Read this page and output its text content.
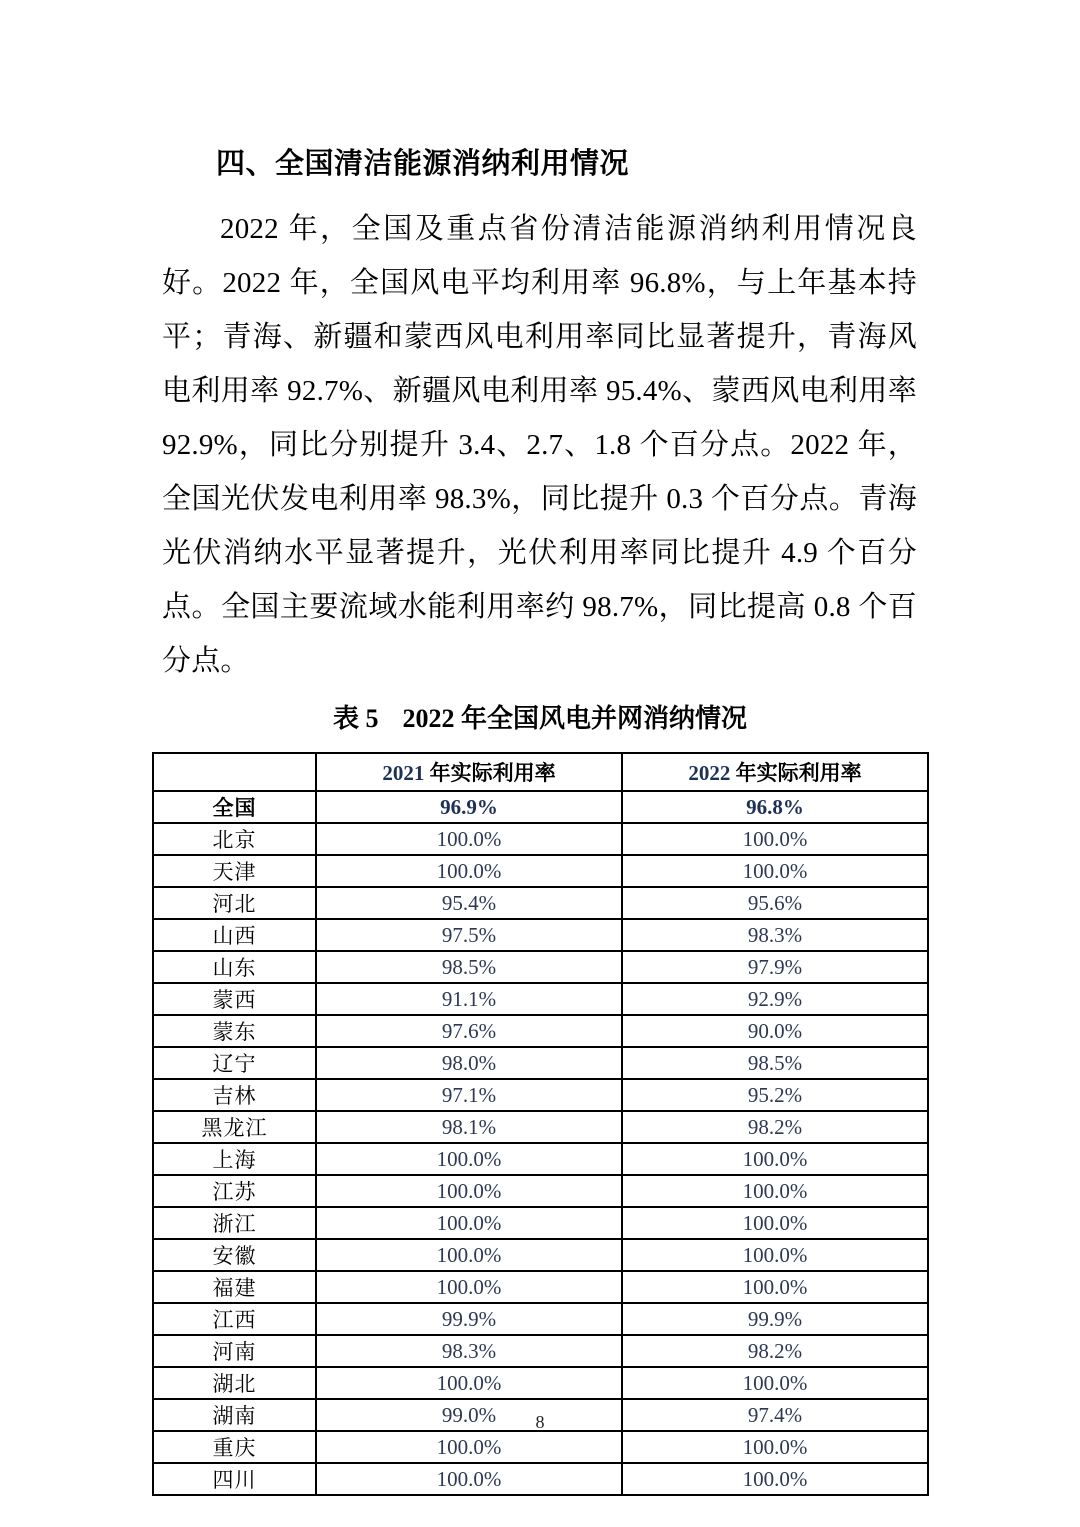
四、全国清洁能源消纳利用情况

2022 年，全国及重点省份清洁能源消纳利用情况良好。2022 年，全国风电平均利用率 96.8%，与上年基本持平；青海、新疆和蒙西风电利用率同比显著提升，青海风电利用率 92.7%、新疆风电利用率 95.4%、蒙西风电利用率 92.9%，同比分别提升 3.4、2.7、1.8 个百分点。2022 年，全国光伏发电利用率 98.3%，同比提升 0.3 个百分点。青海光伏消纳水平显著提升，光伏利用率同比提升 4.9 个百分点。全国主要流域水能利用率约 98.7%，同比提高 0.8 个百分点。

表 5 2022 年全国风电并网消纳情况
	2021 年实际利用率	2022 年实际利用率
全国	96.9%	96.8%
北京	100.0%	100.0%
天津	100.0%	100.0%
河北	95.4%	95.6%
山西	97.5%	98.3%
山东	98.5%	97.9%
蒙西	91.1%	92.9%
蒙东	97.6%	90.0%
辽宁	98.0%	98.5%
吉林	97.1%	95.2%
黑龙江	98.1%	98.2%
上海	100.0%	100.0%
江苏	100.0%	100.0%
浙江	100.0%	100.0%
安徽	100.0%	100.0%
福建	100.0%	100.0%
江西	99.9%	99.9%
河南	98.3%	98.2%
湖北	100.0%	100.0%
湖南	99.0%	97.4%
重庆	100.0%	100.0%
四川	100.0%	100.0%
8
